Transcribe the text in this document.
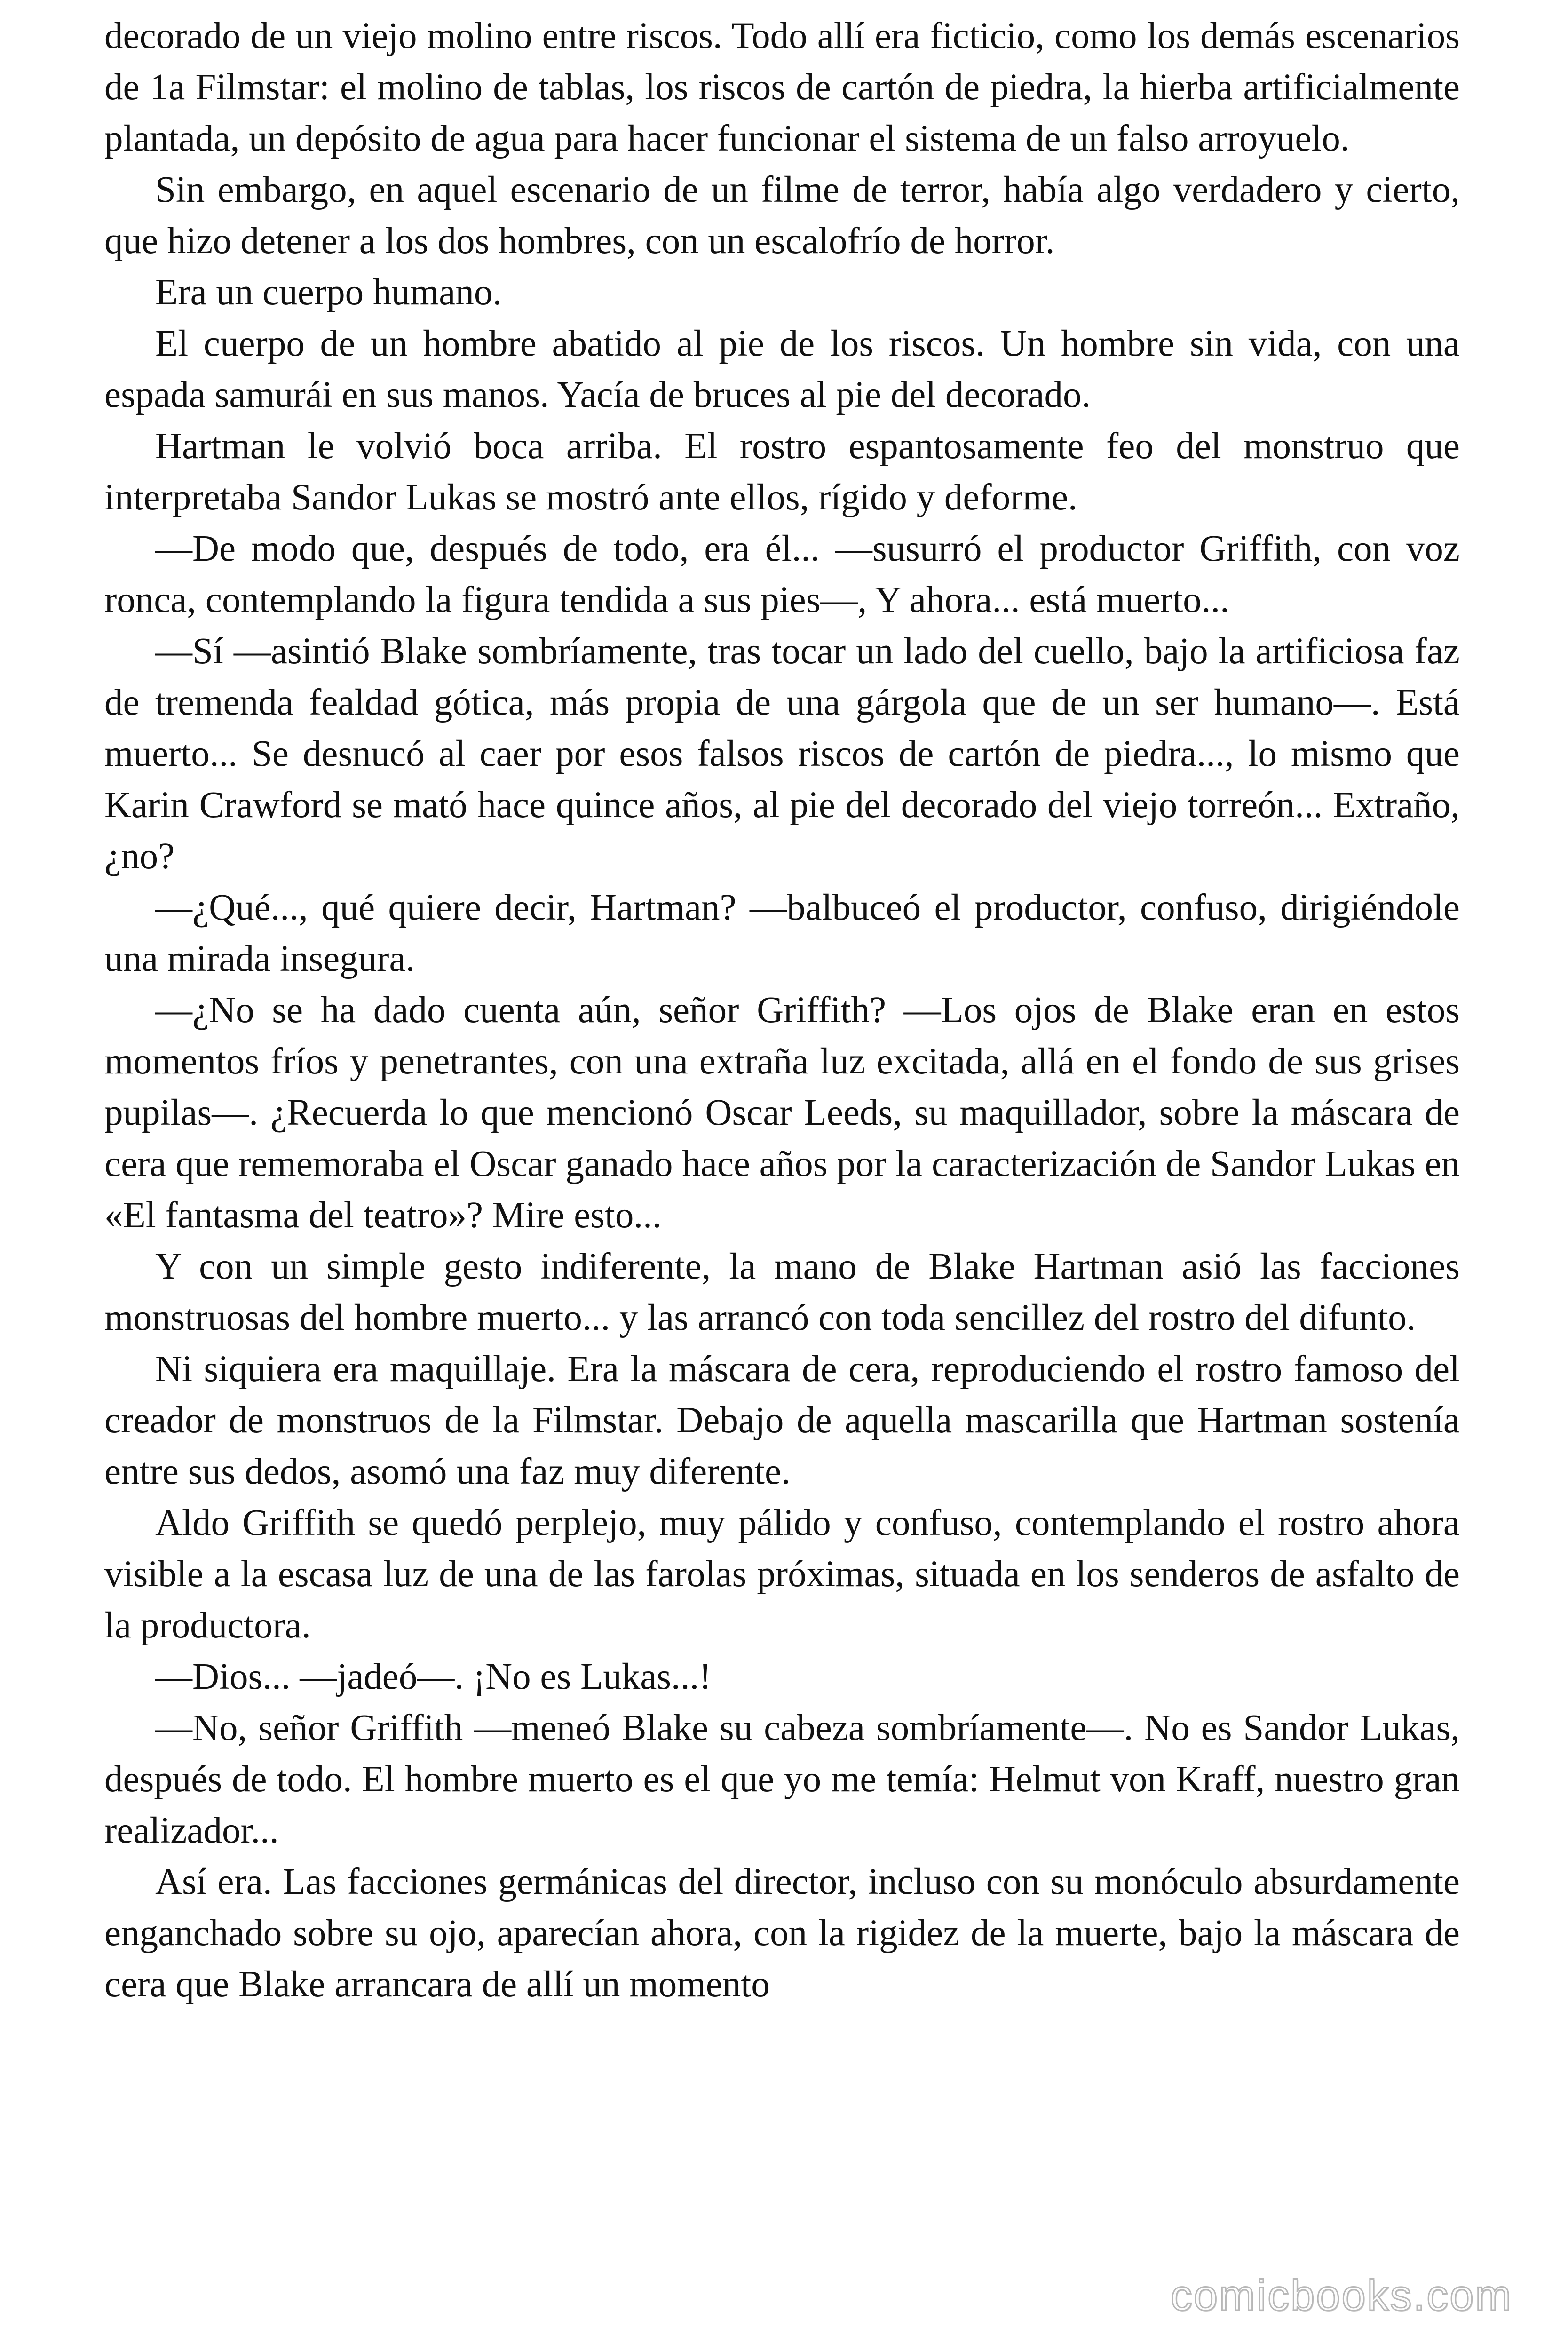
decorado de un viejo molino entre riscos. Todo allí era ficticio, como los demás escenarios de 1a Filmstar: el molino de tablas, los riscos de cartón de piedra, la hierba artificialmente plantada, un depósito de agua para hacer funcionar el sistema de un falso arroyuelo.

Sin embargo, en aquel escenario de un filme de terror, había algo verdadero y cierto, que hizo detener a los dos hombres, con un escalofrío de horror.

Era un cuerpo humano.

El cuerpo de un hombre abatido al pie de los riscos. Un hombre sin vida, con una espada samurái en sus manos. Yacía de bruces al pie del decorado.

Hartman le volvió boca arriba. El rostro espantosamente feo del monstruo que interpretaba Sandor Lukas se mostró ante ellos, rígido y deforme.

—De modo que, después de todo, era él... —susurró el productor Griffith, con voz ronca, contemplando la figura tendida a sus pies—, Y ahora... está muerto...

—Sí —asintió Blake sombríamente, tras tocar un lado del cuello, bajo la artificiosa faz de tremenda fealdad gótica, más propia de una gárgola que de un ser humano—. Está muerto... Se desnucó al caer por esos falsos riscos de cartón de piedra..., lo mismo que Karin Crawford se mató hace quince años, al pie del decorado del viejo torreón... Extraño, ¿no?

—¿Qué..., qué quiere decir, Hartman? —balbuceó el productor, confuso, dirigiéndole una mirada insegura.

—¿No se ha dado cuenta aún, señor Griffith? —Los ojos de Blake eran en estos momentos fríos y penetrantes, con una extraña luz excitada, allá en el fondo de sus grises pupilas—. ¿Recuerda lo que mencionó Oscar Leeds, su maquillador, sobre la máscara de cera que rememoraba el Oscar ganado hace años por la caracterización de Sandor Lukas en «El fantasma del teatro»? Mire esto...

Y con un simple gesto indiferente, la mano de Blake Hartman asió las facciones monstruosas del hombre muerto... y las arrancó con toda sencillez del rostro del difunto.

Ni siquiera era maquillaje. Era la máscara de cera, reproduciendo el rostro famoso del creador de monstruos de la Filmstar. Debajo de aquella mascarilla que Hartman sostenía entre sus dedos, asomó una faz muy diferente.

Aldo Griffith se quedó perplejo, muy pálido y confuso, contemplando el rostro ahora visible a la escasa luz de una de las farolas próximas, situada en los senderos de asfalto de la productora.

—Dios... —jadeó—. ¡No es Lukas...!

—No, señor Griffith —meneó Blake su cabeza sombríamente—. No es Sandor Lukas, después de todo. El hombre muerto es el que yo me temía: Helmut von Kraff, nuestro gran realizador...

Así era. Las facciones germánicas del director, incluso con su monóculo absurdamente enganchado sobre su ojo, aparecían ahora, con la rigidez de la muerte, bajo la máscara de cera que Blake arrancara de allí un momento

comicbooks.com
